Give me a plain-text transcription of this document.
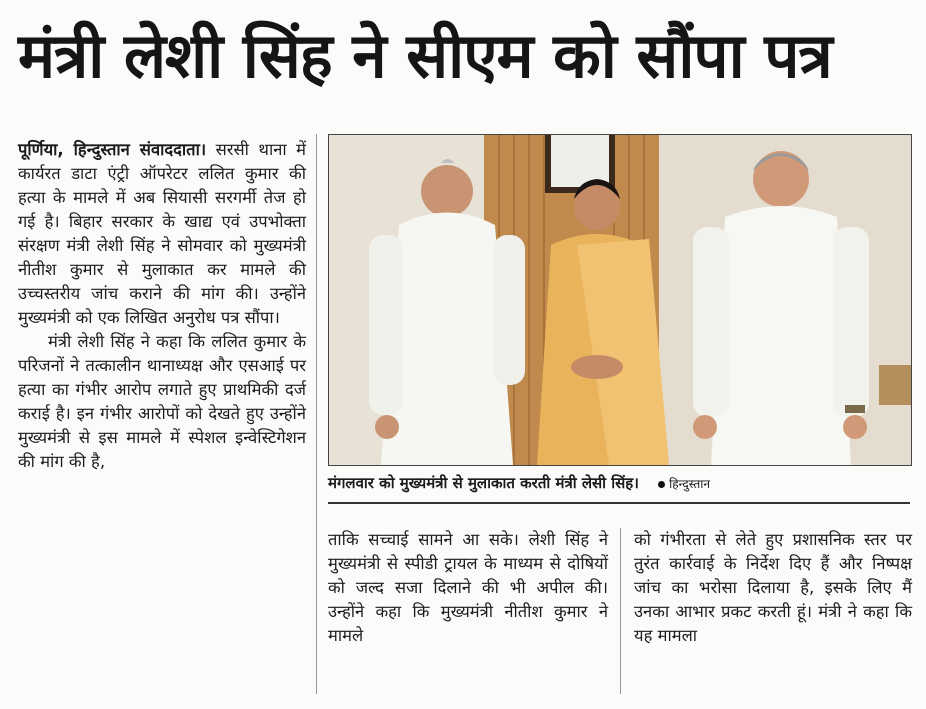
मंत्री लेशी सिंह ने सीएम को सौंपा पत्र

पूर्णिया, हिन्दुस्तान संवाददाता। सरसी थाना में कार्यरत डाटा एंट्री ऑपरेटर ललित कुमार की हत्या के मामले में अब सियासी सरगर्मी तेज हो गई है। बिहार सरकार के खाद्य एवं उपभोक्ता संरक्षण मंत्री लेशी सिंह ने सोमवार को मुख्यमंत्री नीतीश कुमार से मुलाकात कर मामले की उच्चस्तरीय जांच कराने की मांग की। उन्होंने मुख्यमंत्री को एक लिखित अनुरोध पत्र सौंपा।

मंत्री लेशी सिंह ने कहा कि ललित कुमार के परिजनों ने तत्कालीन थानाध्यक्ष और एसआई पर हत्या का गंभीर आरोप लगाते हुए प्राथमिकी दर्ज कराई है। इन गंभीर आरोपों को देखते हुए उन्होंने मुख्यमंत्री से इस मामले में स्पेशल इन्वेस्टिगेशन की मांग की है,

मंगलवार को मुख्यमंत्री से मुलाकात करती मंत्री लेसी सिंह।	हिन्दुस्तान

ताकि सच्चाई सामने आ सके। लेशी सिंह ने मुख्यमंत्री से स्पीडी ट्रायल के माध्यम से दोषियों को जल्द सजा दिलाने की भी अपील की। उन्होंने कहा कि मुख्यमंत्री नीतीश कुमार ने मामले

को गंभीरता से लेते हुए प्रशासनिक स्तर पर तुरंत कार्रवाई के निर्देश दिए हैं और निष्पक्ष जांच का भरोसा दिलाया है, इसके लिए मैं उनका आभार प्रकट करती हूं। मंत्री ने कहा कि यह मामला
